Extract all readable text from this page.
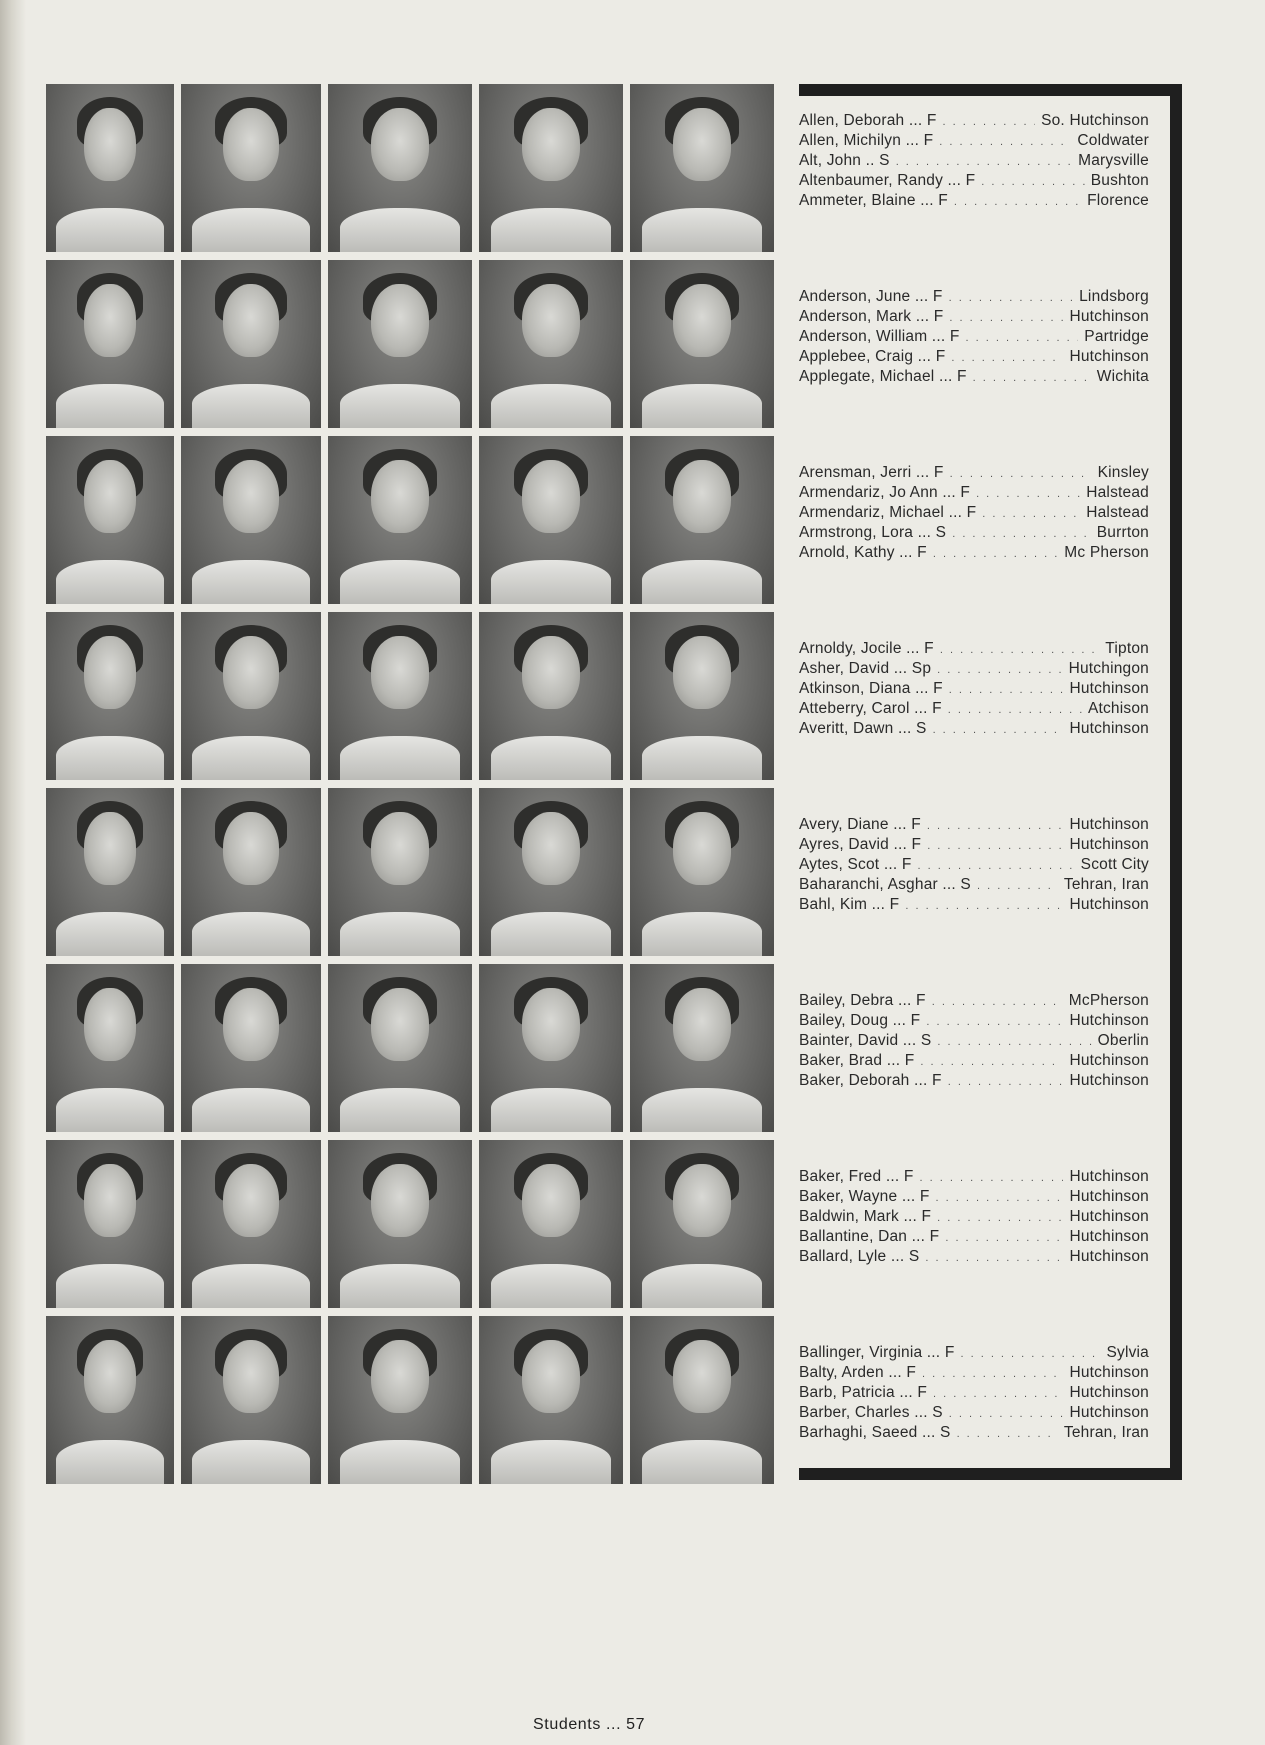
Allen, Deborah ... F . . .	So. Hutchinson
Allen, Michilyn ... F . . .	Coldwater
Alt, John .. S . . .	Marysville
Altenbaumer, Randy ... F . . .	Bushton
Ammeter, Blaine ... F . . .	Florence
Anderson, June ... F . . .	Lindsborg
Anderson, Mark ... F . . .	Hutchinson
Anderson, William ... F . . .	Partridge
Applebee, Craig ... F . . .	Hutchinson
Applegate, Michael ... F . . .	Wichita
Arensman, Jerri ... F . . .	Kinsley
Armendariz, Jo Ann ... F . . .	Halstead
Armendariz, Michael ... F . . .	Halstead
Armstrong, Lora ... S . . .	Burrton
Arnold, Kathy ... F . . .	Mc Pherson
Arnoldy, Jocile ... F . . .	Tipton
Asher, David ... Sp . . .	Hutchingon
Atkinson, Diana ... F . . .	Hutchinson
Atteberry, Carol ... F . . .	Atchison
Averitt, Dawn ... S . . .	Hutchinson
Avery, Diane ... F . . .	Hutchinson
Ayres, David ... F . . .	Hutchinson
Aytes, Scot ... F . . .	Scott City
Baharanchi, Asghar ... S . . .	Tehran, Iran
Bahl, Kim ... F . . .	Hutchinson
Bailey, Debra ... F . . .	McPherson
Bailey, Doug ... F . . .	Hutchinson
Bainter, David ... S . . .	Oberlin
Baker, Brad ... F . . .	Hutchinson
Baker, Deborah ... F . . .	Hutchinson
Baker, Fred ... F . . .	Hutchinson
Baker, Wayne ... F . . .	Hutchinson
Baldwin, Mark ... F . . .	Hutchinson
Ballantine, Dan ... F . . .	Hutchinson
Ballard, Lyle ... S . . .	Hutchinson
Ballinger, Virginia ... F . . .	Sylvia
Balty, Arden ... F . . .	Hutchinson
Barb, Patricia ... F . . .	Hutchinson
Barber, Charles ... S . . .	Hutchinson
Barhaghi, Saeed ... S . . .	Tehran, Iran
Students ... 57
